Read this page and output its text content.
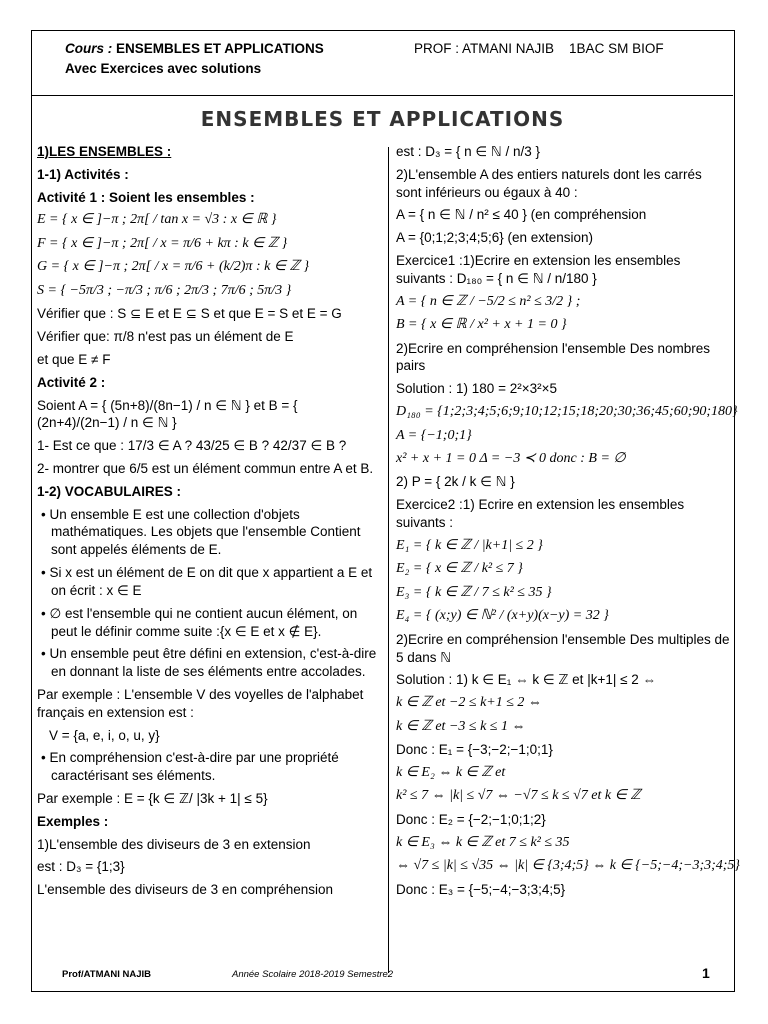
Cours : ENSEMBLES ET APPLICATIONS	PROF : ATMANI NAJIB 1BAC SM BIOF
Avec Exercices avec solutions
ENSEMBLES ET APPLICATIONS

1)LES ENSEMBLES :

1-1) Activités :

Activité 1 : Soient les ensembles :

E = { x ∈ ]−π ; 2π[ / tan x = √3 : x ∈ ℝ }

F = { x ∈ ]−π ; 2π[ / x = π/6 + kπ : k ∈ ℤ }

G = { x ∈ ]−π ; 2π[ / x = π/6 + (k/2)π : k ∈ ℤ }

S = { −5π/3 ; −π/3 ; π/6 ; 2π/3 ; 7π/6 ; 5π/3 }

Vérifier que : S ⊆ E et E ⊆ S et que E = S et E = G

Vérifier que: π/8 n'est pas un élément de E

et que E ≠ F

Activité 2 :

Soient A = { (5n+8)/(8n−1) / n ∈ ℕ } et B = { (2n+4)/(2n−1) / n ∈ ℕ }

1- Est ce que : 17/3 ∈ A ? 43/25 ∈ B ? 42/37 ∈ B ?

2- montrer que 6/5 est un élément commun entre A et B.

1-2) VOCABULAIRES :

• Un ensemble E est une collection d'objets mathématiques. Les objets que l'ensemble Contient sont appelés éléments de E.

• Si x est un élément de E on dit que x appartient a E et on écrit : x ∈ E

• ∅ est l'ensemble qui ne contient aucun élément, on peut le définir comme suite :{x ∈ E et x ∉ E}.

• Un ensemble peut être défini en extension, c'est-à-dire en donnant la liste de ses éléments entre accolades.

Par exemple : L'ensemble V des voyelles de l'alphabet français en extension est :

V = {a, e, i, o, u, y}

• En compréhension c'est-à-dire par une propriété caractérisant ses éléments.

Par exemple : E = {k ∈ ℤ/ |3k + 1| ≤ 5}

Exemples :

1)L'ensemble des diviseurs de 3 en extension

est : D₃ = {1;3}

L'ensemble des diviseurs de 3 en compréhension

est : D₃ = { n ∈ ℕ / n/3 }

2)L'ensemble A des entiers naturels dont les carrés sont inférieurs ou égaux à 40 :

A = { n ∈ ℕ / n² ≤ 40 } (en compréhension

A = {0;1;2;3;4;5;6} (en extension)

Exercice1 :1)Ecrire en extension les ensembles suivants : D₁₈₀ = { n ∈ ℕ / n/180 }

A = { n ∈ ℤ / −5/2 ≤ n² ≤ 3/2 } ;

B = { x ∈ ℝ / x² + x + 1 = 0 }

2)Ecrire en compréhension l'ensemble Des nombres pairs

Solution : 1) 180 = 2²×3²×5

D₁₈₀ = {1;2;3;4;5;6;9;10;12;15;18;20;30;36;45;60;90;180}

A = {−1;0;1}

x² + x + 1 = 0 Δ = −3 ≺ 0 donc : B = ∅

2) P = { 2k / k ∈ ℕ }

Exercice2 :1) Ecrire en extension les ensembles suivants :

E₁ = { k ∈ ℤ / |k+1| ≤ 2 }

E₂ = { x ∈ ℤ / k² ≤ 7 }

E₃ = { k ∈ ℤ / 7 ≤ k² ≤ 35 }

E₄ = { (x;y) ∈ ℕ² / (x+y)(x−y) = 32 }

2)Ecrire en compréhension l'ensemble Des multiples de 5 dans ℕ

Solution : 1) k ∈ E₁ ⇔ k ∈ ℤ et |k+1| ≤ 2 ⇔

k ∈ ℤ et −2 ≤ k+1 ≤ 2 ⇔

k ∈ ℤ et −3 ≤ k ≤ 1 ⇔

Donc : E₁ = {−3;−2;−1;0;1}

k ∈ E₂ ⇔ k ∈ ℤ et

k² ≤ 7 ⇔ |k| ≤ √7 ⇔ −√7 ≤ k ≤ √7 et k ∈ ℤ

Donc : E₂ = {−2;−1;0;1;2}

k ∈ E₃ ⇔ k ∈ ℤ et 7 ≤ k² ≤ 35

⇔ √7 ≤ |k| ≤ √35 ⇔ |k| ∈ {3;4;5} ⇔ k ∈ {−5;−4;−3;3;4;5}

Donc : E₃ = {−5;−4;−3;3;4;5}

Prof/ATMANI NAJIB	Année Scolaire 2018-2019 Semestre2	1
